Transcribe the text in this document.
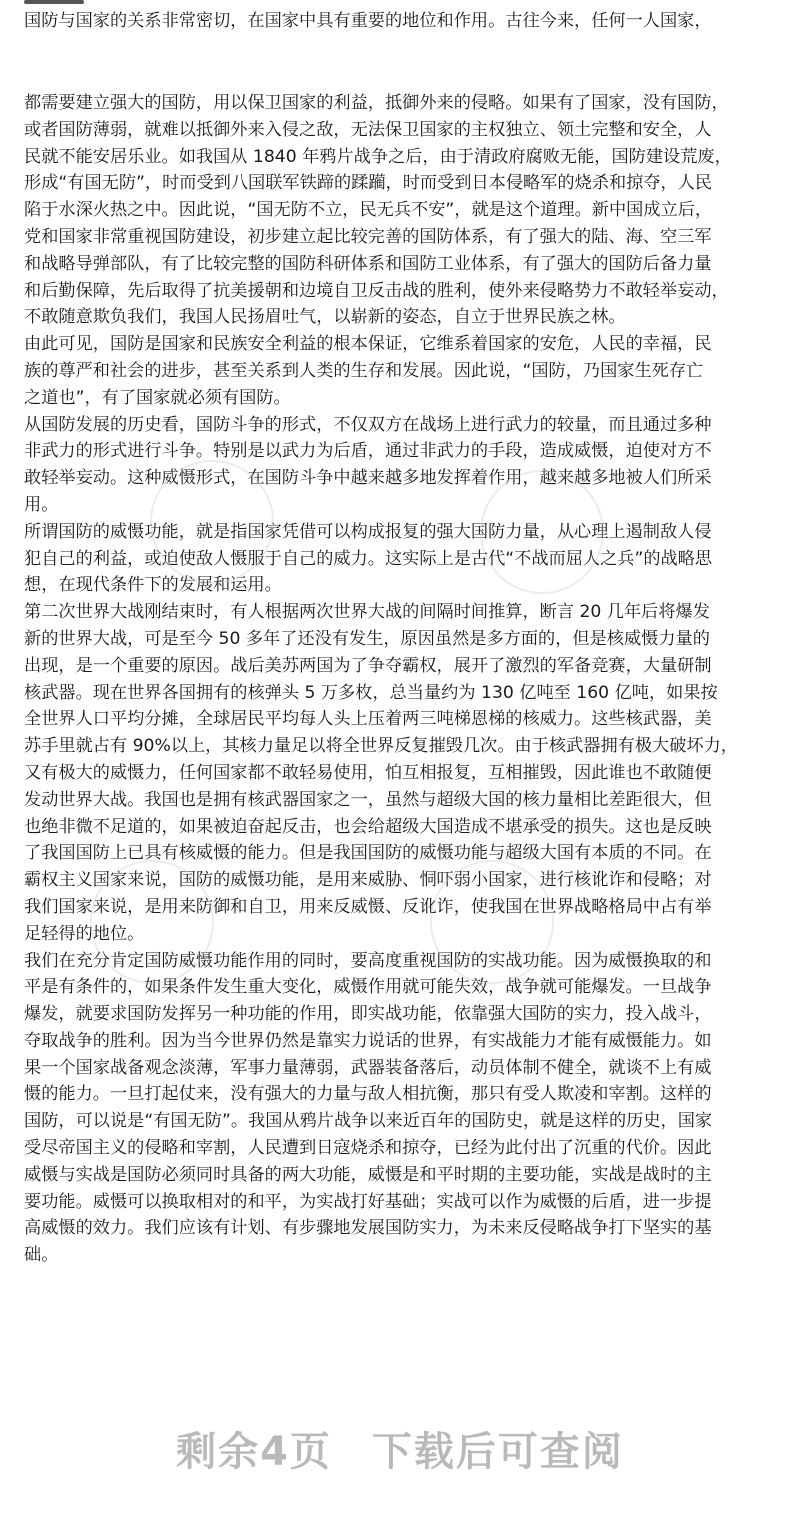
国防与国家的关系非常密切，在国家中具有重要的地位和作用。古往今来，任何一人国家，

都需要建立强大的国防，用以保卫国家的利益，抵御外来的侵略。如果有了国家，没有国防，

或者国防薄弱，就难以抵御外来入侵之敌，无法保卫国家的主权独立、领土完整和安全，人

民就不能安居乐业。如我国从 1840 年鸦片战争之后，由于清政府腐败无能，国防建设荒废，

形成“有国无防”，时而受到八国联军铁蹄的蹂躏，时而受到日本侵略军的烧杀和掠夺，人民

陷于水深火热之中。因此说，“国无防不立，民无兵不安”，就是这个道理。新中国成立后，

党和国家非常重视国防建设，初步建立起比较完善的国防体系，有了强大的陆、海、空三军

和战略导弹部队，有了比较完整的国防科研体系和国防工业体系，有了强大的国防后备力量

和后勤保障，先后取得了抗美援朝和边境自卫反击战的胜利，使外来侵略势力不敢轻举妄动，

不敢随意欺负我们，我国人民扬眉吐气，以崭新的姿态，自立于世界民族之林。

由此可见，国防是国家和民族安全利益的根本保证，它维系着国家的安危，人民的幸福，民

族的尊严和社会的进步，甚至关系到人类的生存和发展。因此说，“国防，乃国家生死存亡

之道也”，有了国家就必须有国防。

从国防发展的历史看，国防斗争的形式，不仅双方在战场上进行武力的较量，而且通过多种

非武力的形式进行斗争。特别是以武力为后盾，通过非武力的手段，造成威慑，迫使对方不

敢轻举妄动。这种威慑形式，在国防斗争中越来越多地发挥着作用，越来越多地被人们所采

用。

所谓国防的威慑功能，就是指国家凭借可以构成报复的强大国防力量，从心理上遏制敌人侵

犯自己的利益，或迫使敌人慑服于自己的威力。这实际上是古代“不战而屈人之兵”的战略思

想，在现代条件下的发展和运用。

第二次世界大战刚结束时，有人根据两次世界大战的间隔时间推算，断言 20 几年后将爆发

新的世界大战，可是至今 50 多年了还没有发生，原因虽然是多方面的，但是核威慑力量的

出现，是一个重要的原因。战后美苏两国为了争夺霸权，展开了激烈的军备竞赛，大量研制

核武器。现在世界各国拥有的核弹头 5 万多枚，总当量约为 130 亿吨至 160 亿吨，如果按

全世界人口平均分摊，全球居民平均每人头上压着两三吨梯恩梯的核威力。这些核武器，美

苏手里就占有 90%以上，其核力量足以将全世界反复摧毁几次。由于核武器拥有极大破坏力，

又有极大的威慑力，任何国家都不敢轻易使用，怕互相报复，互相摧毁，因此谁也不敢随便

发动世界大战。我国也是拥有核武器国家之一，虽然与超级大国的核力量相比差距很大，但

也绝非微不足道的，如果被迫奋起反击，也会给超级大国造成不堪承受的损失。这也是反映

了我国国防上已具有核威慑的能力。但是我国国防的威慑功能与超级大国有本质的不同。在

霸权主义国家来说，国防的威慑功能，是用来威胁、恫吓弱小国家，进行核讹诈和侵略；对

我们国家来说，是用来防御和自卫，用来反威慑、反讹诈，使我国在世界战略格局中占有举

足轻得的地位。

我们在充分肯定国防威慑功能作用的同时，要高度重视国防的实战功能。因为威慑换取的和

平是有条件的，如果条件发生重大变化，威慑作用就可能失效，战争就可能爆发。一旦战争

爆发，就要求国防发挥另一种功能的作用，即实战功能，依靠强大国防的实力，投入战斗，

夺取战争的胜利。因为当今世界仍然是靠实力说话的世界，有实战能力才能有威慑能力。如

果一个国家战备观念淡薄，军事力量薄弱，武器装备落后，动员体制不健全，就谈不上有威

慑的能力。一旦打起仗来，没有强大的力量与敌人相抗衡，那只有受人欺凌和宰割。这样的

国防，可以说是“有国无防”。我国从鸦片战争以来近百年的国防史，就是这样的历史，国家

受尽帝国主义的侵略和宰割，人民遭到日寇烧杀和掠夺，已经为此付出了沉重的代价。因此

威慑与实战是国防必须同时具备的两大功能，威慑是和平时期的主要功能，实战是战时的主

要功能。威慑可以换取相对的和平，为实战打好基础；实战可以作为威慑的后盾，进一步提

高威慑的效力。我们应该有计划、有步骤地发展国防实力，为未来反侵略战争打下坚实的基

础。

剩余4页 下载后可查阅
